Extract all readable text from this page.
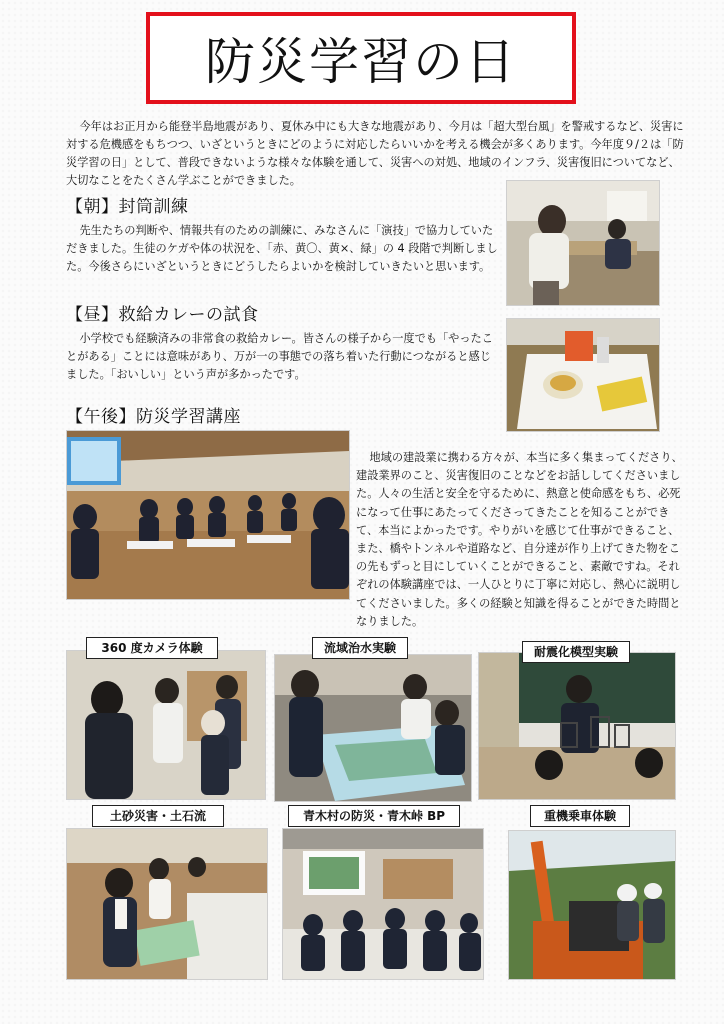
防災学習の日

今年はお正月から能登半島地震があり、夏休み中にも大きな地震があり、今月は「超大型台風」を警戒するなど、災害に対する危機感をもちつつ、いざというときにどのように対応したらいいかを考える機会が多くあります。今年度９/２は「防災学習の日」として、普段できないような様々な体験を通して、災害への対処、地域のインフラ、災害復旧についてなど、大切なことをたくさん学ぶことができました。

【朝】封筒訓練

先生たちの判断や、情報共有のための訓練に、みなさんに「演技」で協力していただきました。生徒のケガや体の状況を、「赤、黄〇、黄×、緑」の 4 段階で判断しました。今後さらにいざというときにどうしたらよいかを検討していきたいと思います。

【昼】救給カレーの試食

小学校でも経験済みの非常食の救給カレー。皆さんの様子から一度でも「やったことがある」ことには意味があり、万が一の事態での落ち着いた行動につながると感じました。「おいしい」という声が多かったです。

【午後】防災学習講座

地域の建設業に携わる方々が、本当に多く集まってくださり、建設業界のこと、災害復旧のことなどをお話ししてくださいました。人々の生活と安全を守るために、熱意と使命感をもち、必死になって仕事にあたってくださってきたことを知ることができて、本当によかったです。やりがいを感じて仕事ができること、また、橋やトンネルや道路など、自分達が作り上げてきた物をこの先もずっと目にしていくことができること、素敵ですね。それぞれの体験講座では、一人ひとりに丁寧に対応し、熱心に説明してくださいました。多くの経験と知識を得ることができた時間となりました。

360 度カメラ体験	流域治水実験	耐震化模型実験
土砂災害・土石流	青木村の防災・青木峠 BP	重機乗車体験
